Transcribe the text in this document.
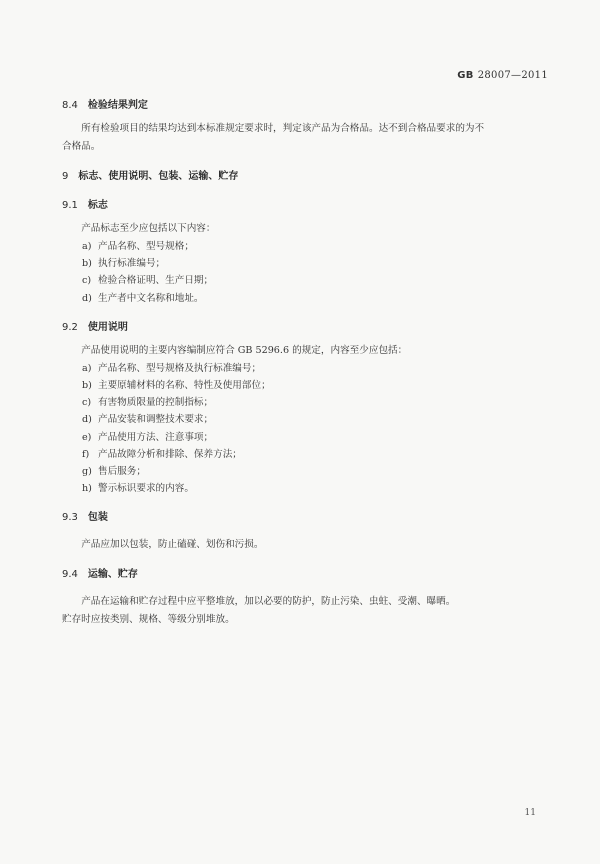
GB 28007—2011
8.4 检验结果判定

所有检验项目的结果均达到本标准规定要求时，判定该产品为合格品。达不到合格品要求的为不

合格品。

9 标志、使用说明、包装、运输、贮存
9.1 标志

产品标志至少应包括以下内容：

a) 产品名称、型号规格；
b) 执行标准编号；
c) 检验合格证明、生产日期；
d) 生产者中文名称和地址。
9.2 使用说明

产品使用说明的主要内容编制应符合 GB 5296.6 的规定，内容至少应包括：

a) 产品名称、型号规格及执行标准编号；
b) 主要原辅材料的名称、特性及使用部位；
c) 有害物质限量的控制指标；
d) 产品安装和调整技术要求；
e) 产品使用方法、注意事项；
f) 产品故障分析和排除、保养方法；
g) 售后服务；
h) 警示标识要求的内容。
9.3 包装

产品应加以包装，防止磕碰、划伤和污损。

9.4 运输、贮存

产品在运输和贮存过程中应平整堆放，加以必要的防护，防止污染、虫蛀、受潮、曝晒。

贮存时应按类别、规格、等级分别堆放。

11
